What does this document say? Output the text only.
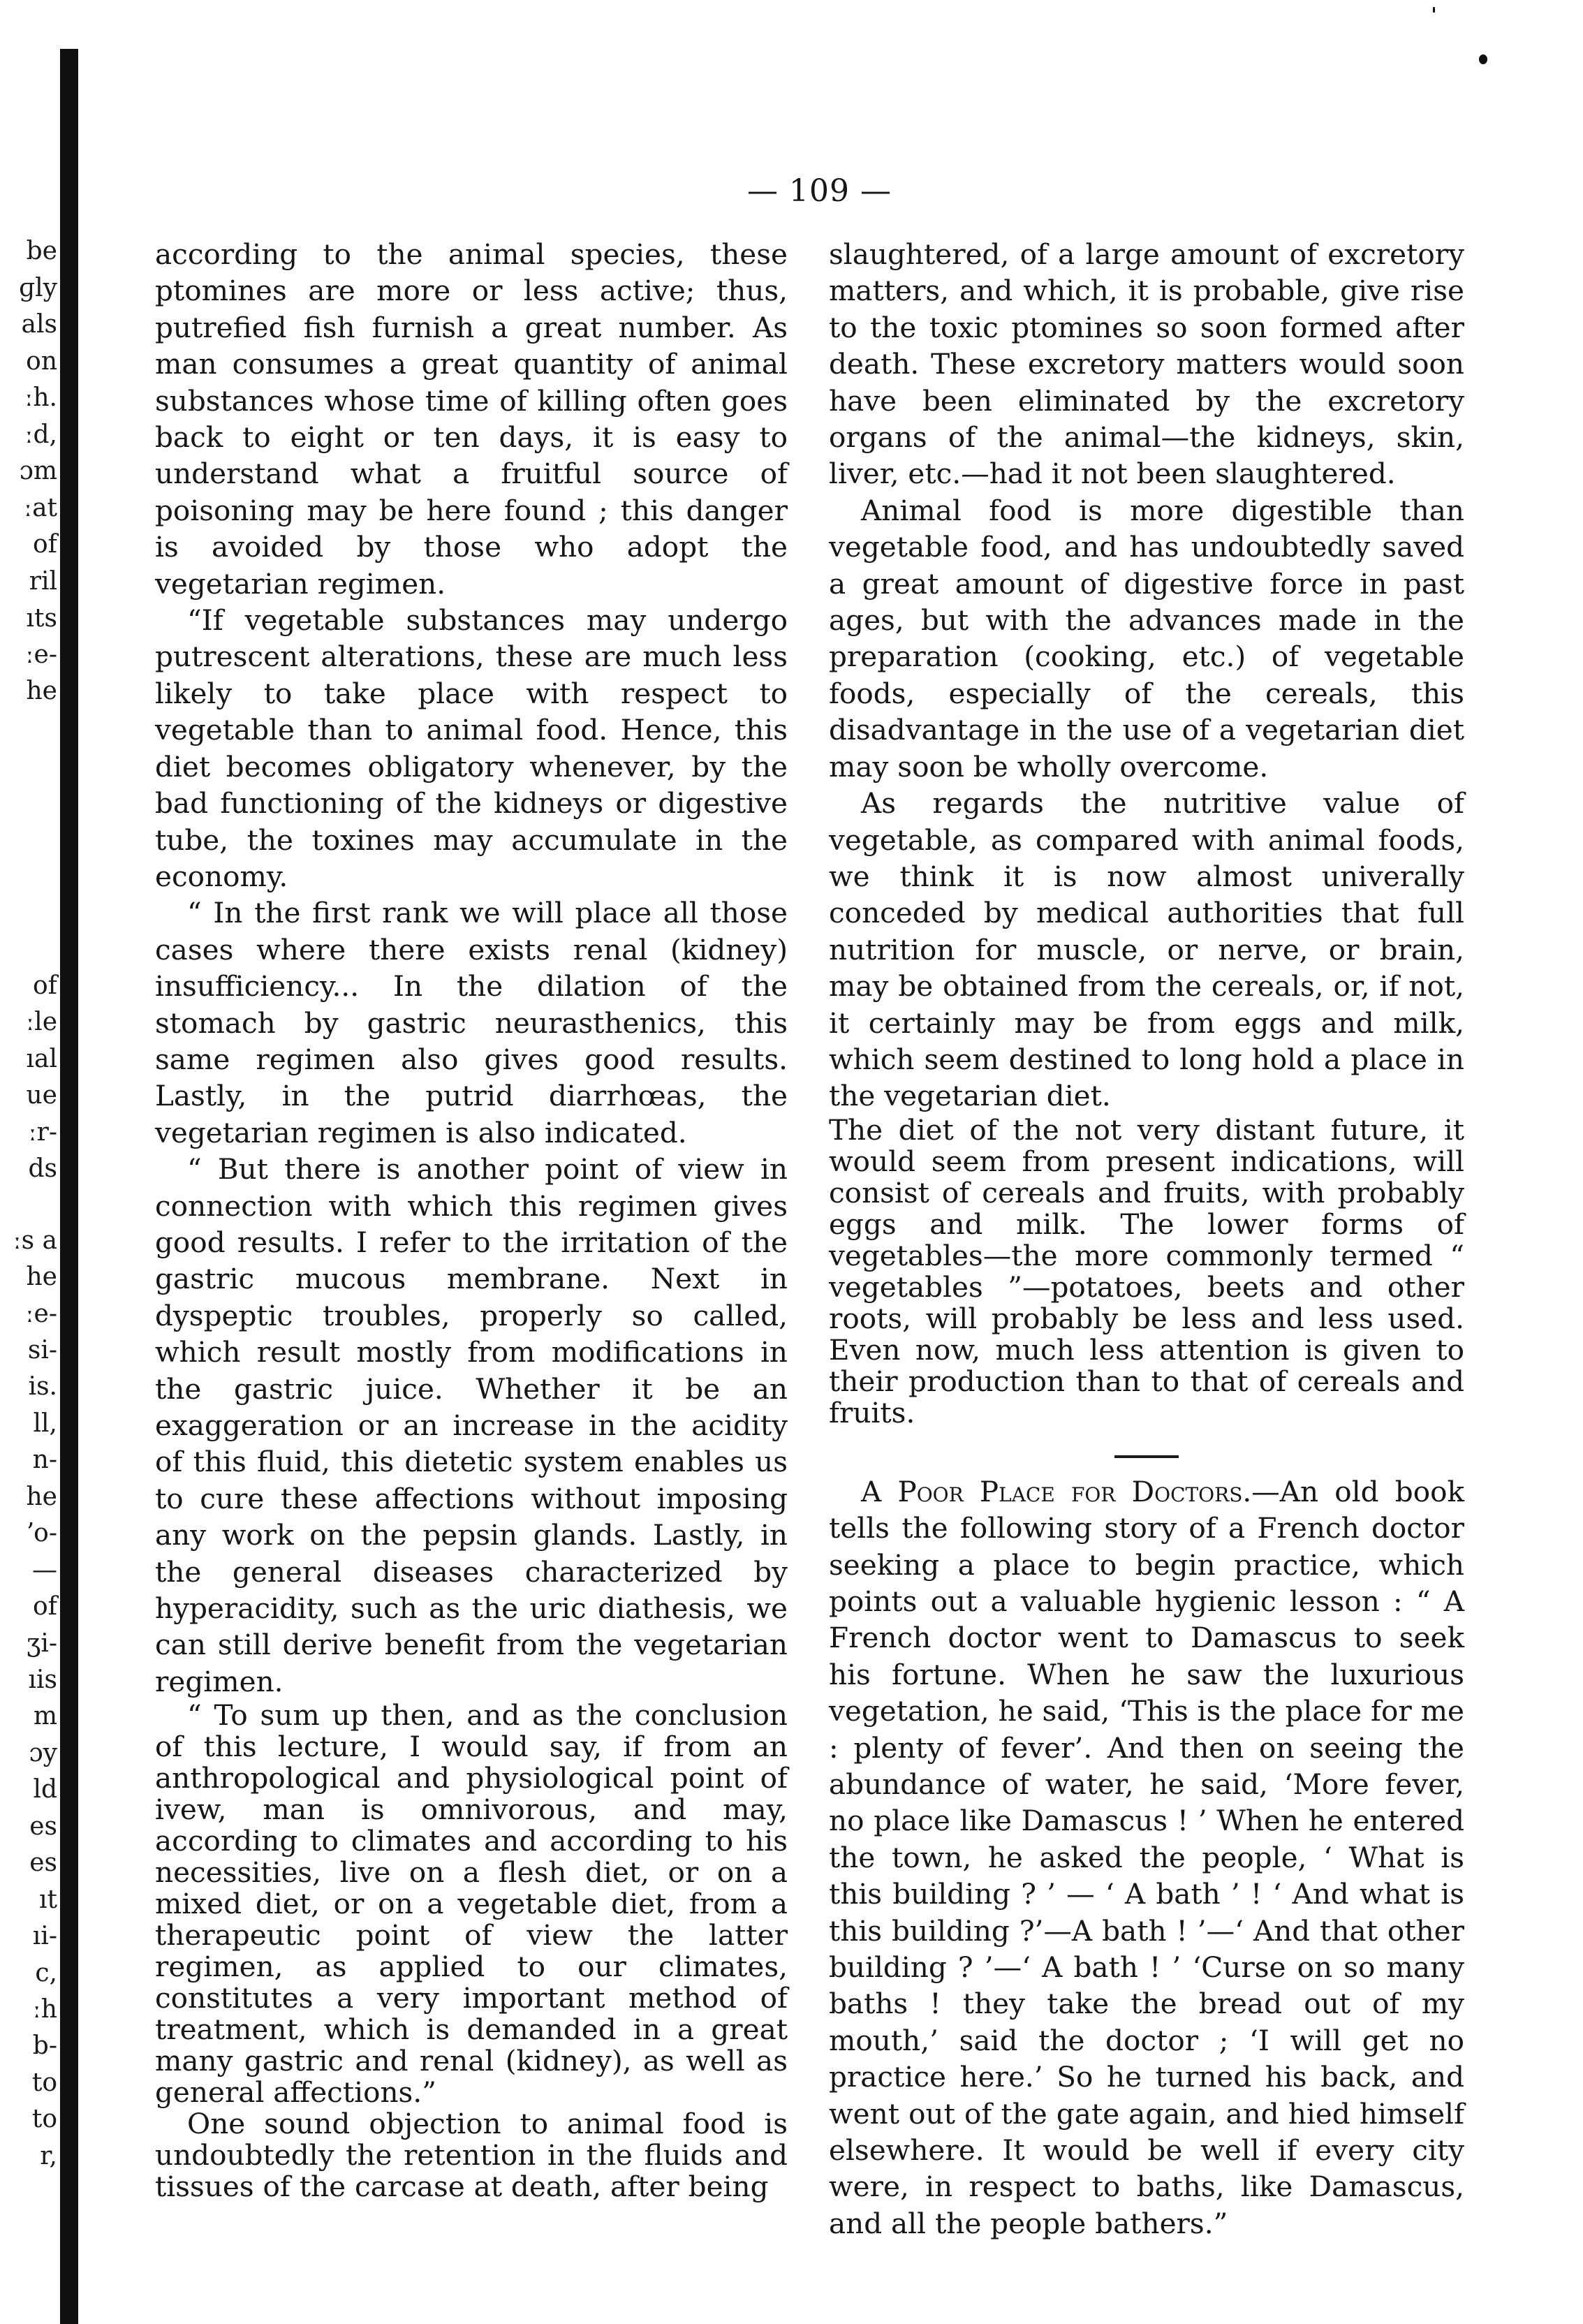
be
ɡly
als
on
ːh.
ːd,
ɔm
ːat
of
ril
ıts
ːe-
he
of
ːle
ıal
ue
ːr-
ds
ːs a
he
ːe-
si-
is.
ll,
n-
he
ʼo-
—
of
ʒi-
ıis
m
ɔy
ld
es
es
ıt
ıi-
c,
ːh
b-
to
to
r,
— 109 —

according to the animal species, these ptomines are more or less active; thus, putrefied fish furnish a great number. As man consumes a great quantity of animal substances whose time of killing often goes back to eight or ten days, it is easy to understand what a fruitful source of poisoning may be here found ; this danger is avoided by those who adopt the vegetarian regimen.

“If vegetable substances may undergo putrescent alterations, these are much less likely to take place with respect to vegetable than to animal food. Hence, this diet becomes obligatory whenever, by the bad functioning of the kidneys or digestive tube, the toxines may accumulate in the economy.

“ In the first rank we will place all those cases where there exists renal (kidney) insufficiency... In the dilation of the stomach by gastric neurasthenics, this same regimen also gives good results. Lastly, in the putrid diarrhœas, the vegetarian regimen is also indicated.

“ But there is another point of view in connection with which this regimen gives good results. I refer to the irritation of the gastric mucous membrane. Next in dyspeptic troubles, properly so called, which result mostly from modifications in the gastric juice. Whether it be an exaggeration or an increase in the acidity of this fluid, this dietetic system enables us to cure these affections without imposing any work on the pepsin glands. Lastly, in the general diseases characterized by hyperacidity, such as the uric diathesis, we can still derive benefit from the vegetarian regimen.

“ To sum up then, and as the conclusion of this lecture, I would say, if from an anthropological and physiological point of ivew, man is omnivorous, and may, according to climates and according to his necessities, live on a flesh diet, or on a mixed diet, or on a vegetable diet, from a therapeutic point of view the latter regimen, as applied to our climates, constitutes a very important method of treatment, which is demanded in a great many gastric and renal (kidney), as well as general affections.”

One sound objection to animal food is undoubtedly the retention in the fluids and tissues of the carcase at death, after being

slaughtered, of a large amount of excretory matters, and which, it is probable, give rise to the toxic ptomines so soon formed after death. These excretory matters would soon have been eliminated by the excretory organs of the animal—the kidneys, skin, liver, etc.—had it not been slaughtered.

Animal food is more digestible than vegetable food, and has undoubtedly saved a great amount of digestive force in past ages, but with the advances made in the preparation (cooking, etc.) of vegetable foods, especially of the cereals, this disadvantage in the use of a vegetarian diet may soon be wholly overcome.

As regards the nutritive value of vegetable, as compared with animal foods, we think it is now almost univerally conceded by medical authorities that full nutrition for muscle, or nerve, or brain, may be obtained from the cereals, or, if not, it certainly may be from eggs and milk, which seem destined to long hold a place in the vegetarian diet.

The diet of the not very distant future, it would seem from present indications, will consist of cereals and fruits, with probably eggs and milk. The lower forms of vegetables—the more commonly termed “ vegetables ”—potatoes, beets and other roots, will probably be less and less used. Even now, much less attention is given to their production than to that of cereals and fruits.

A Poor Place for Doctors.—An old book tells the following story of a French doctor seeking a place to begin practice, which points out a valuable hygienic lesson : “ A French doctor went to Damascus to seek his fortune. When he saw the luxurious vegetation, he said, ‘This is the place for me : plenty of fever’. And then on seeing the abundance of water, he said, ‘More fever, no place like Damascus ! ’ When he entered the town, he asked the people, ‘ What is this building ? ’ — ‘ A bath ’ ! ‘ And what is this building ?’—A bath ! ’—‘ And that other building ? ’—‘ A bath ! ’ ‘Curse on so many baths ! they take the bread out of my mouth,’ said the doctor ; ‘I will get no practice here.’ So he turned his back, and went out of the gate again, and hied himself elsewhere. It would be well if every city were, in respect to baths, like Damascus, and all the people bathers.”
